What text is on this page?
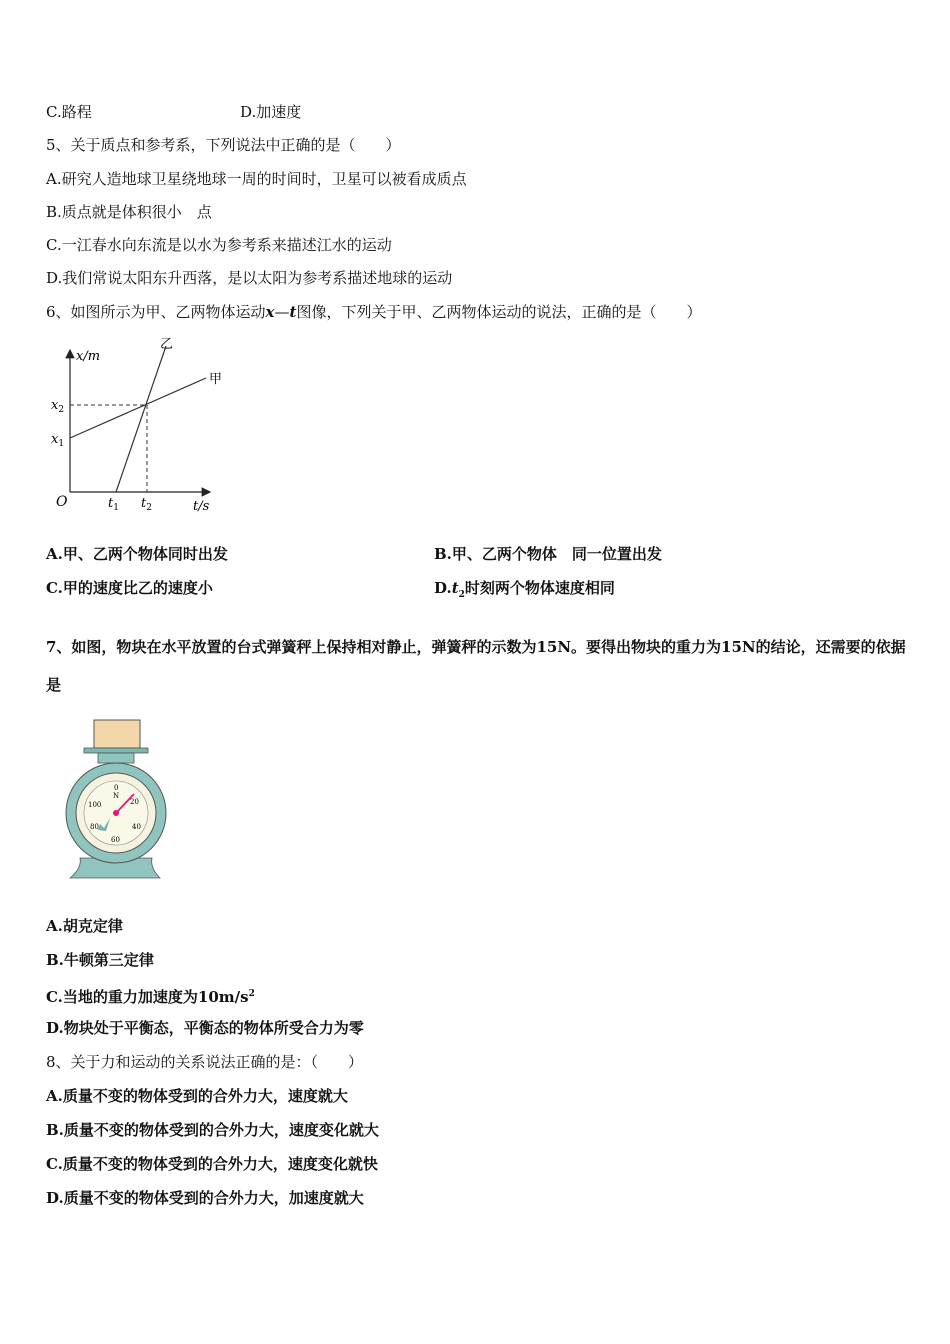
C.路程	D.加速度
5、关于质点和参考系，下列说法中正确的是（　　）
A.研究人造地球卫星绕地球一周的时间时，卫星可以被看成质点
B.质点就是体积很小　点
C.一江春水向东流是以水为参考系来描述江水的运动
D.我们常说太阳东升西落，是以太阳为参考系描述地球的运动
6、如图所示为甲、乙两物体运动x—t图像，下列关于甲、乙两物体运动的说法，正确的是（　　）
x/m
t/s
O
$x_2$
$x_1$
$t_1$ $t_2$
乙
甲
A.甲、乙两个物体同时出发	B.甲、乙两个物体　同一位置出发
C.甲的速度比乙的速度小	$D.t_2$时刻两个物体速度相同
7、如图，物块在水平放置的台式弹簧秤上保持相对静止，弹簧秤的示数为15N。要得出物块的重力为15N的结论，还需要的依据是
0
N
20
40
60
80
100
A.胡克定律
B.牛顿第三定律
C.当地的重力加速度为$10m/s^2$
D.物块处于平衡态，平衡态的物体所受合力为零
8、关于力和运动的关系说法正确的是：（　　）
A.质量不变的物体受到的合外力大，速度就大
B.质量不变的物体受到的合外力大，速度变化就大
C.质量不变的物体受到的合外力大，速度变化就快
D.质量不变的物体受到的合外力大，加速度就大
